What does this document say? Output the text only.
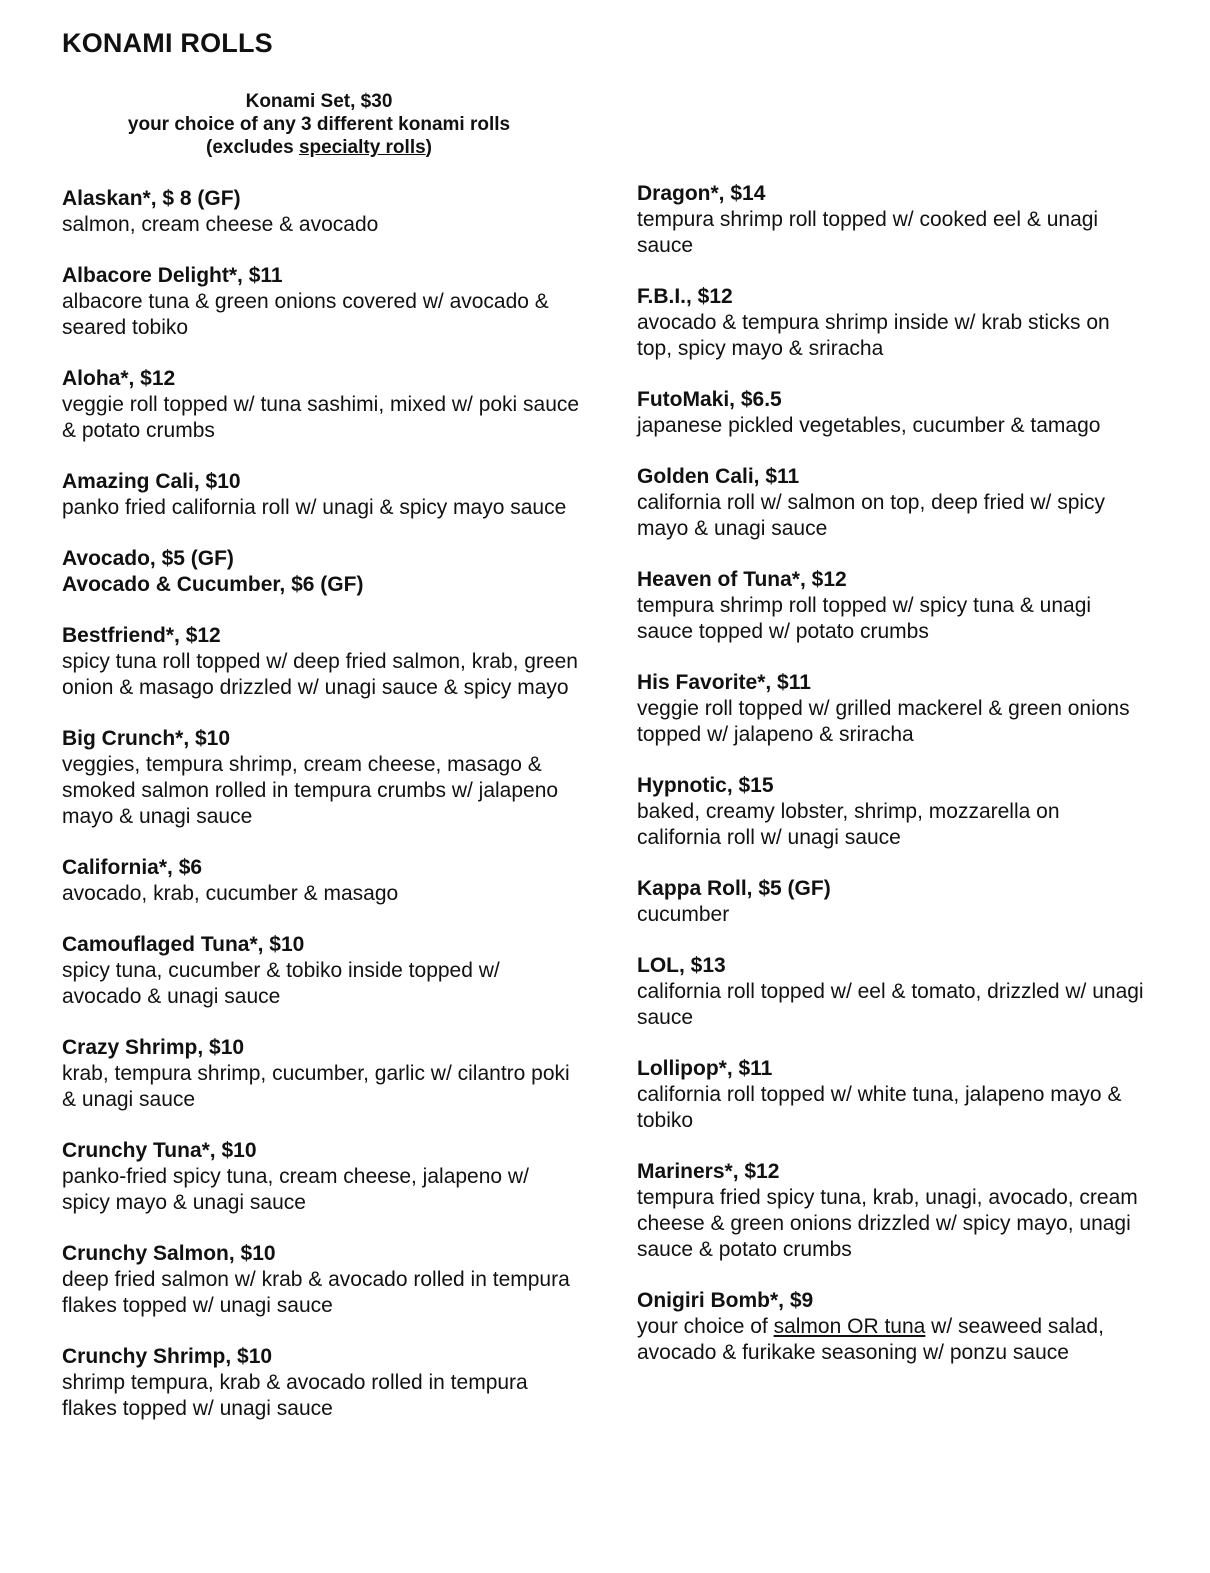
KONAMI ROLLS
Konami Set, $30
your choice of any 3 different konami rolls
(excludes specialty rolls)
Alaskan*, $ 8 (GF)
salmon, cream cheese & avocado
Albacore Delight*, $11
albacore tuna & green onions covered w/ avocado & seared tobiko
Aloha*, $12
veggie roll topped w/ tuna sashimi, mixed w/ poki sauce & potato crumbs
Amazing Cali, $10
panko fried california roll w/ unagi & spicy mayo sauce
Avocado, $5 (GF)
Avocado & Cucumber, $6 (GF)
Bestfriend*, $12
spicy tuna roll topped w/ deep fried salmon, krab, green onion & masago drizzled w/ unagi sauce & spicy mayo
Big Crunch*, $10
veggies, tempura shrimp, cream cheese, masago & smoked salmon rolled in tempura crumbs w/ jalapeno mayo & unagi sauce
California*, $6
avocado, krab, cucumber & masago
Camouflaged Tuna*, $10
spicy tuna, cucumber & tobiko inside topped w/ avocado & unagi sauce
Crazy Shrimp, $10
krab, tempura shrimp, cucumber, garlic w/ cilantro poki & unagi sauce
Crunchy Tuna*, $10
panko-fried spicy tuna, cream cheese, jalapeno w/ spicy mayo & unagi sauce
Crunchy Salmon, $10
deep fried salmon w/ krab & avocado rolled in tempura flakes topped w/ unagi sauce
Crunchy Shrimp, $10
shrimp tempura, krab & avocado rolled in tempura flakes topped w/ unagi sauce
Dragon*, $14
tempura shrimp roll topped w/ cooked eel & unagi sauce
F.B.I., $12
avocado & tempura shrimp inside w/ krab sticks on top, spicy mayo & sriracha
FutoMaki, $6.5
japanese pickled vegetables, cucumber & tamago
Golden Cali, $11
california roll w/ salmon on top, deep fried w/ spicy mayo & unagi sauce
Heaven of Tuna*, $12
tempura shrimp roll topped w/ spicy tuna & unagi sauce topped w/ potato crumbs
His Favorite*, $11
veggie roll topped w/ grilled mackerel & green onions topped w/ jalapeno & sriracha
Hypnotic, $15
baked, creamy lobster, shrimp, mozzarella on california roll w/ unagi sauce
Kappa Roll, $5 (GF)
cucumber
LOL, $13
california roll topped w/ eel & tomato, drizzled w/ unagi sauce
Lollipop*, $11
california roll topped w/ white tuna, jalapeno mayo & tobiko
Mariners*, $12
tempura fried spicy tuna, krab, unagi, avocado, cream cheese & green onions drizzled w/ spicy mayo, unagi sauce & potato crumbs
Onigiri Bomb*, $9
your choice of salmon OR tuna w/ seaweed salad, avocado & furikake seasoning w/ ponzu sauce
